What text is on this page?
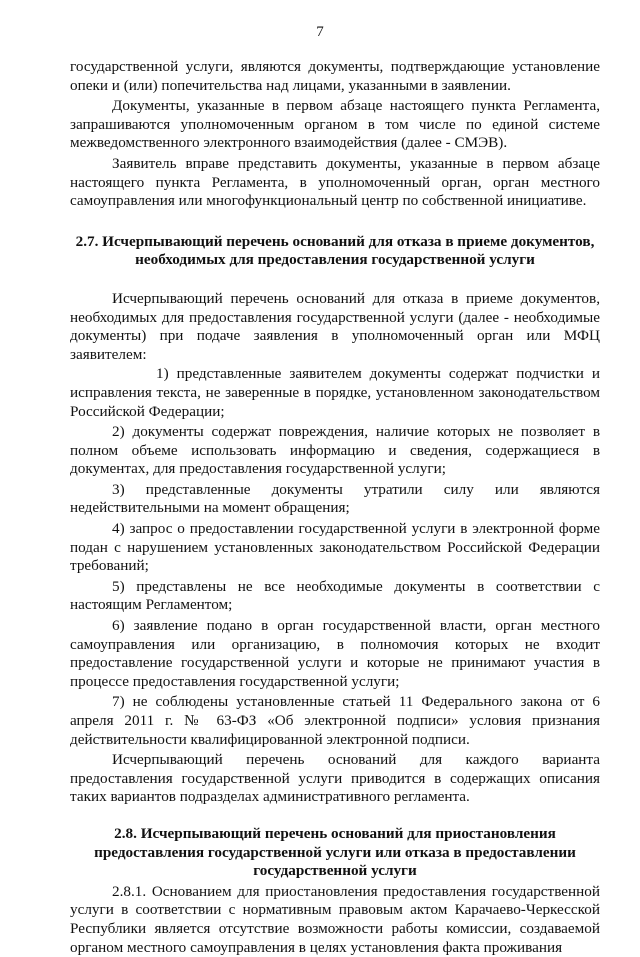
7

государственной услуги, являются документы, подтверждающие установление опеки и (или) попечительства над лицами, указанными в заявлении.

Документы, указанные в первом абзаце настоящего пункта Регламента, запрашиваются уполномоченным органом в том числе по единой системе межведомственного электронного взаимодействия (далее - СМЭВ).

Заявитель вправе представить документы, указанные в первом абзаце настоящего пункта Регламента, в уполномоченный орган, орган местного самоуправления или многофункциональный центр по собственной инициативе.

2.7. Исчерпывающий перечень оснований для отказа в приеме документов, необходимых для предоставления государственной услуги

Исчерпывающий перечень оснований для отказа в приеме документов, необходимых для предоставления государственной услуги (далее - необходимые документы) при подаче заявления в уполномоченный орган или МФЦ заявителем:

1) представленные заявителем документы содержат подчистки и исправления текста, не заверенные в порядке, установленном законодательством Российской Федерации;

2) документы содержат повреждения, наличие которых не позволяет в полном объеме использовать информацию и сведения, содержащиеся в документах, для предоставления государственной услуги;

3) представленные документы утратили силу или являются недействительными на момент обращения;

4) запрос о предоставлении государственной услуги в электронной форме подан с нарушением установленных законодательством Российской Федерации требований;

5) представлены не все необходимые документы в соответствии с настоящим Регламентом;

6) заявление подано в орган государственной власти, орган местного самоуправления или организацию, в полномочия которых не входит предоставление государственной услуги и которые не принимают участия в процессе предоставления государственной услуги;

7) не соблюдены установленные статьей 11 Федерального закона от 6 апреля 2011 г. № 63-ФЗ «Об электронной подписи» условия признания действительности квалифицированной электронной подписи.

Исчерпывающий перечень оснований для каждого варианта предоставления государственной услуги приводится в содержащих описания таких вариантов подразделах административного регламента.

2.8. Исчерпывающий перечень оснований для приостановления предоставления государственной услуги или отказа в предоставлении государственной услуги

2.8.1. Основанием для приостановления предоставления государственной услуги в соответствии с нормативным правовым актом Карачаево-Черкесской Республики является отсутствие возможности работы комиссии, создаваемой органом местного самоуправления в целях установления факта проживания
